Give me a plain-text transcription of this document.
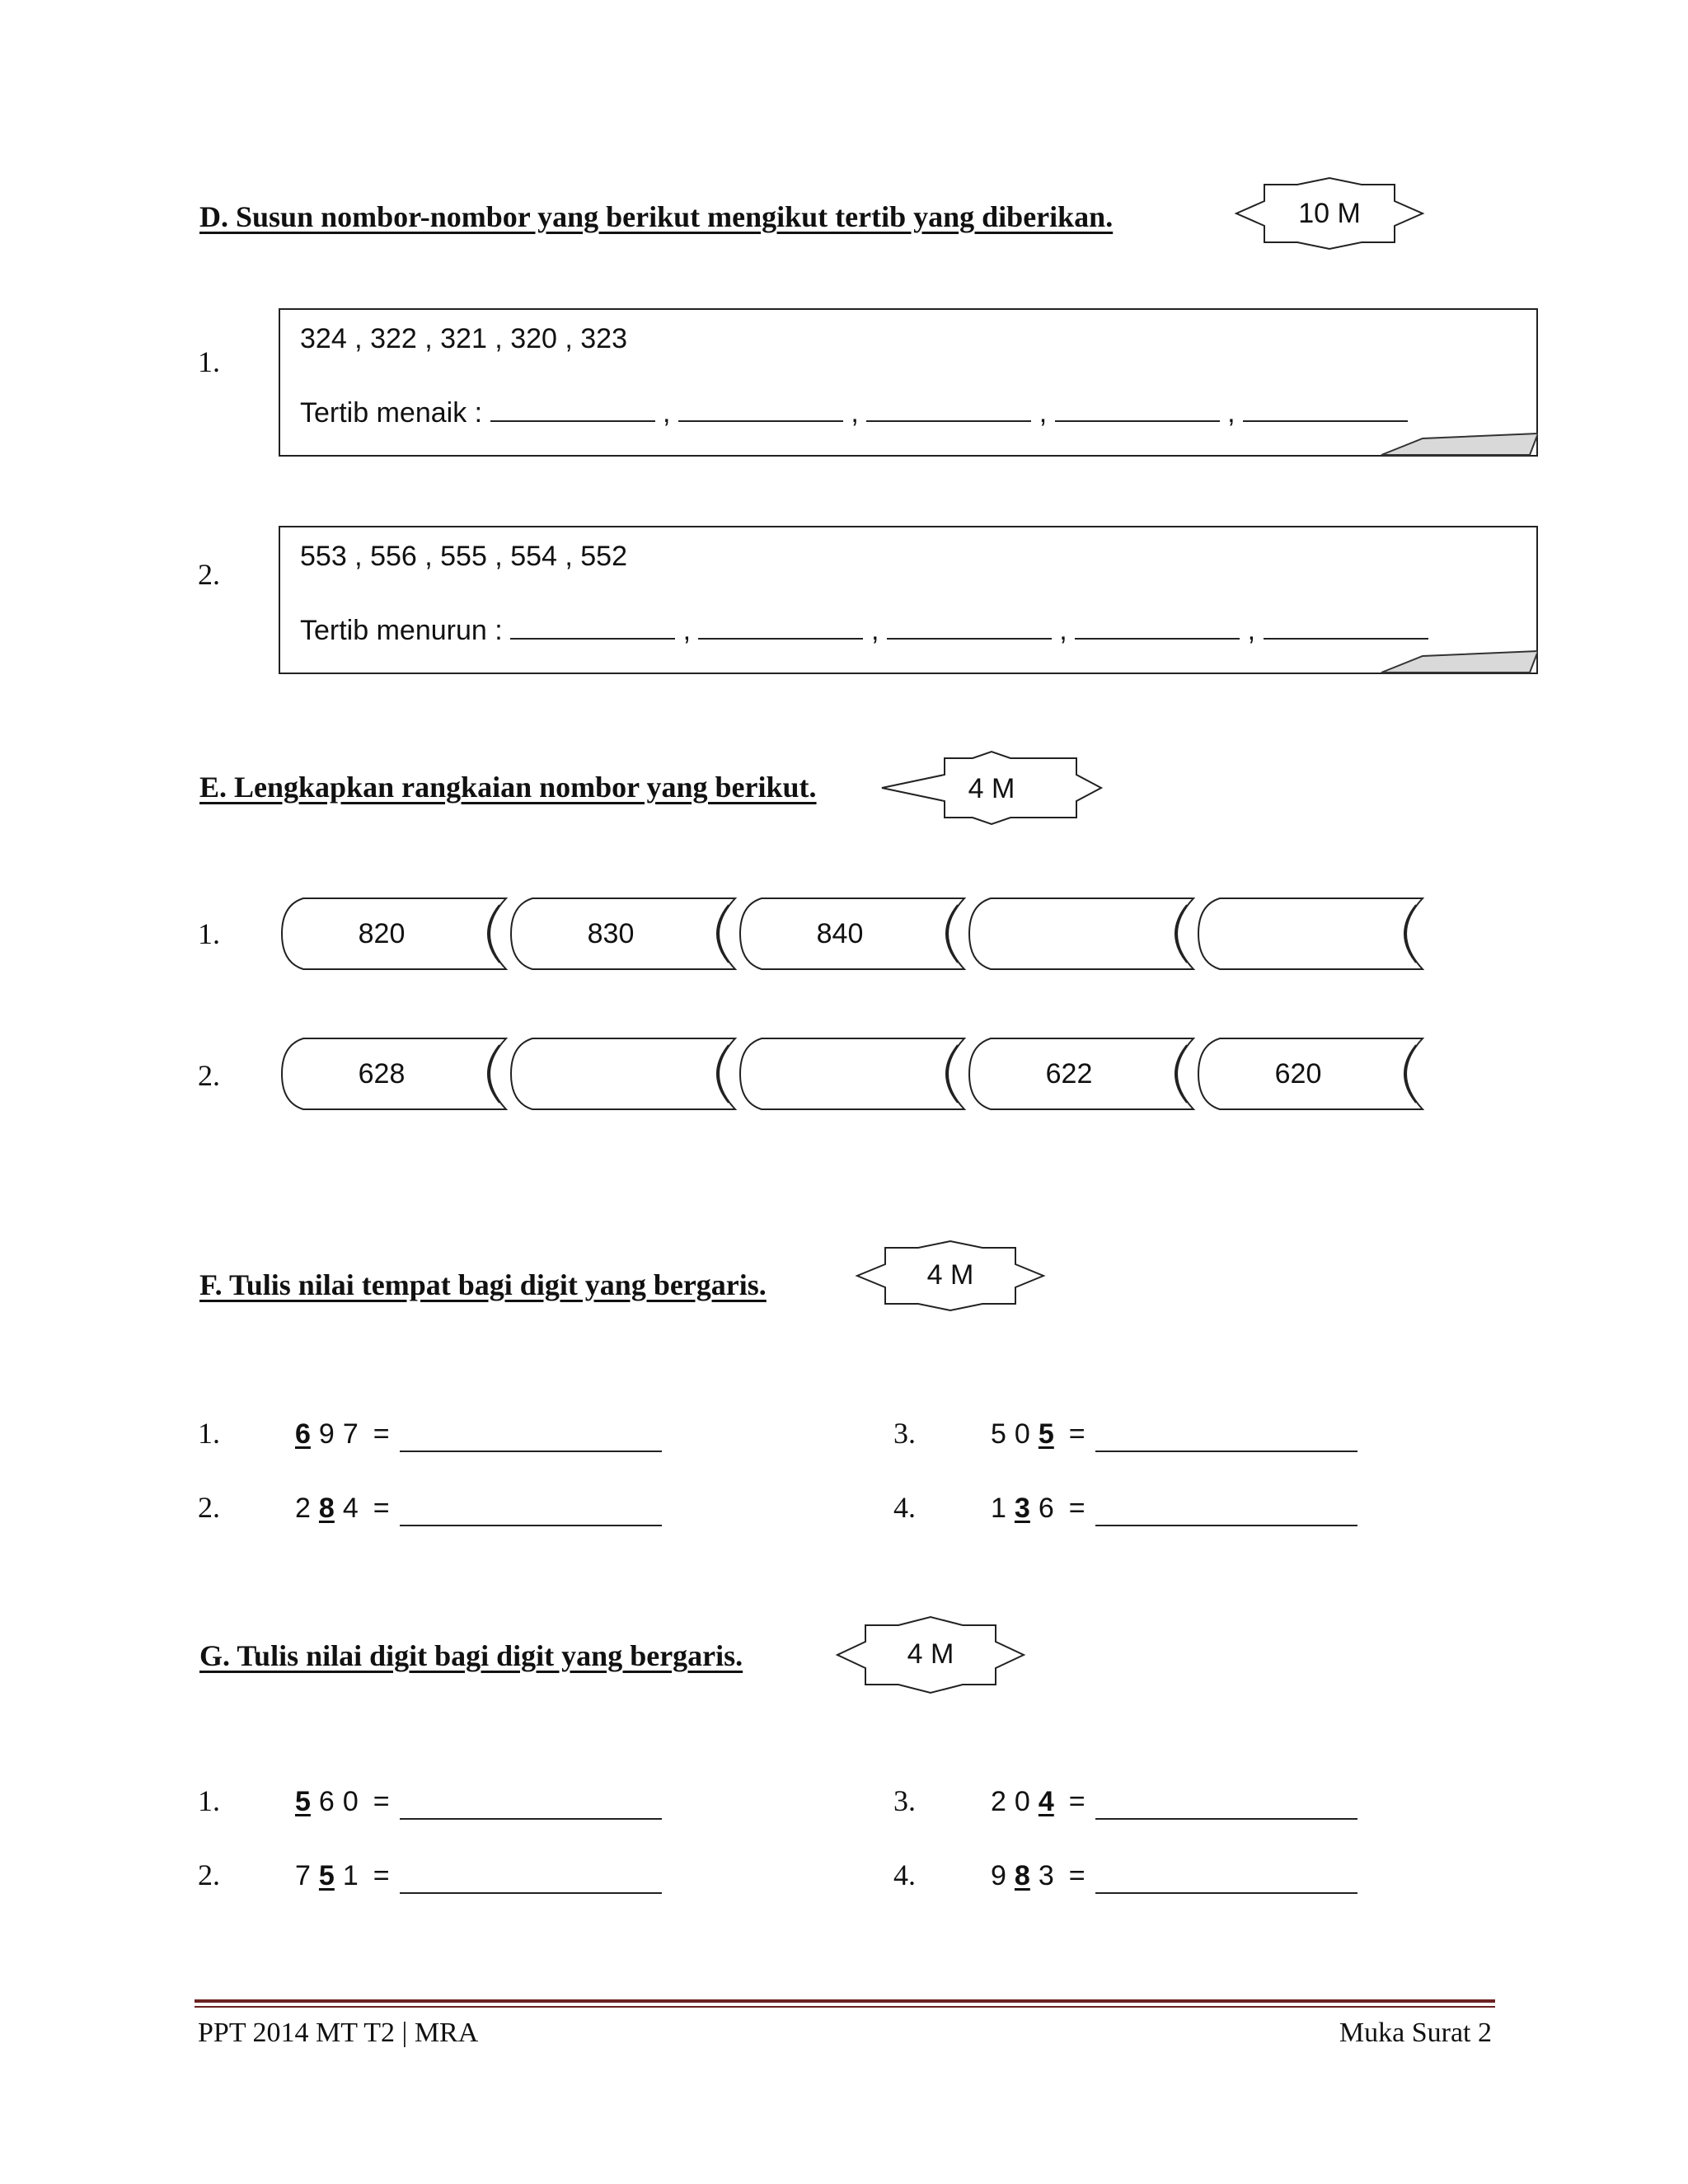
D. Susun nombor-nombor yang berikut mengikut tertib yang diberikan.	10 M
1.
324 , 322 , 321 , 320 , 323
Tertib menaik :	,	,	,	,
2.
553 , 556 , 555 , 554 , 552
Tertib menurun :	,	,	,	,
E. Lengkapkan rangkaian nombor yang berikut.	4 M
1.
2.
820	830	840
628	622	620
F. Tulis nilai tempat bagi digit yang bergaris.	4 M
1.	6 9 7 =
2.	2 8 4 =
3.	5 0 5 =
4.	1 3 6 =
G. Tulis nilai digit bagi digit yang bergaris.	4 M
1.	5 6 0 =
2.	7 5 1 =
3.	2 0 4 =
4.	9 8 3 =
PPT 2014 MT T2 | MRA	Muka Surat 2
